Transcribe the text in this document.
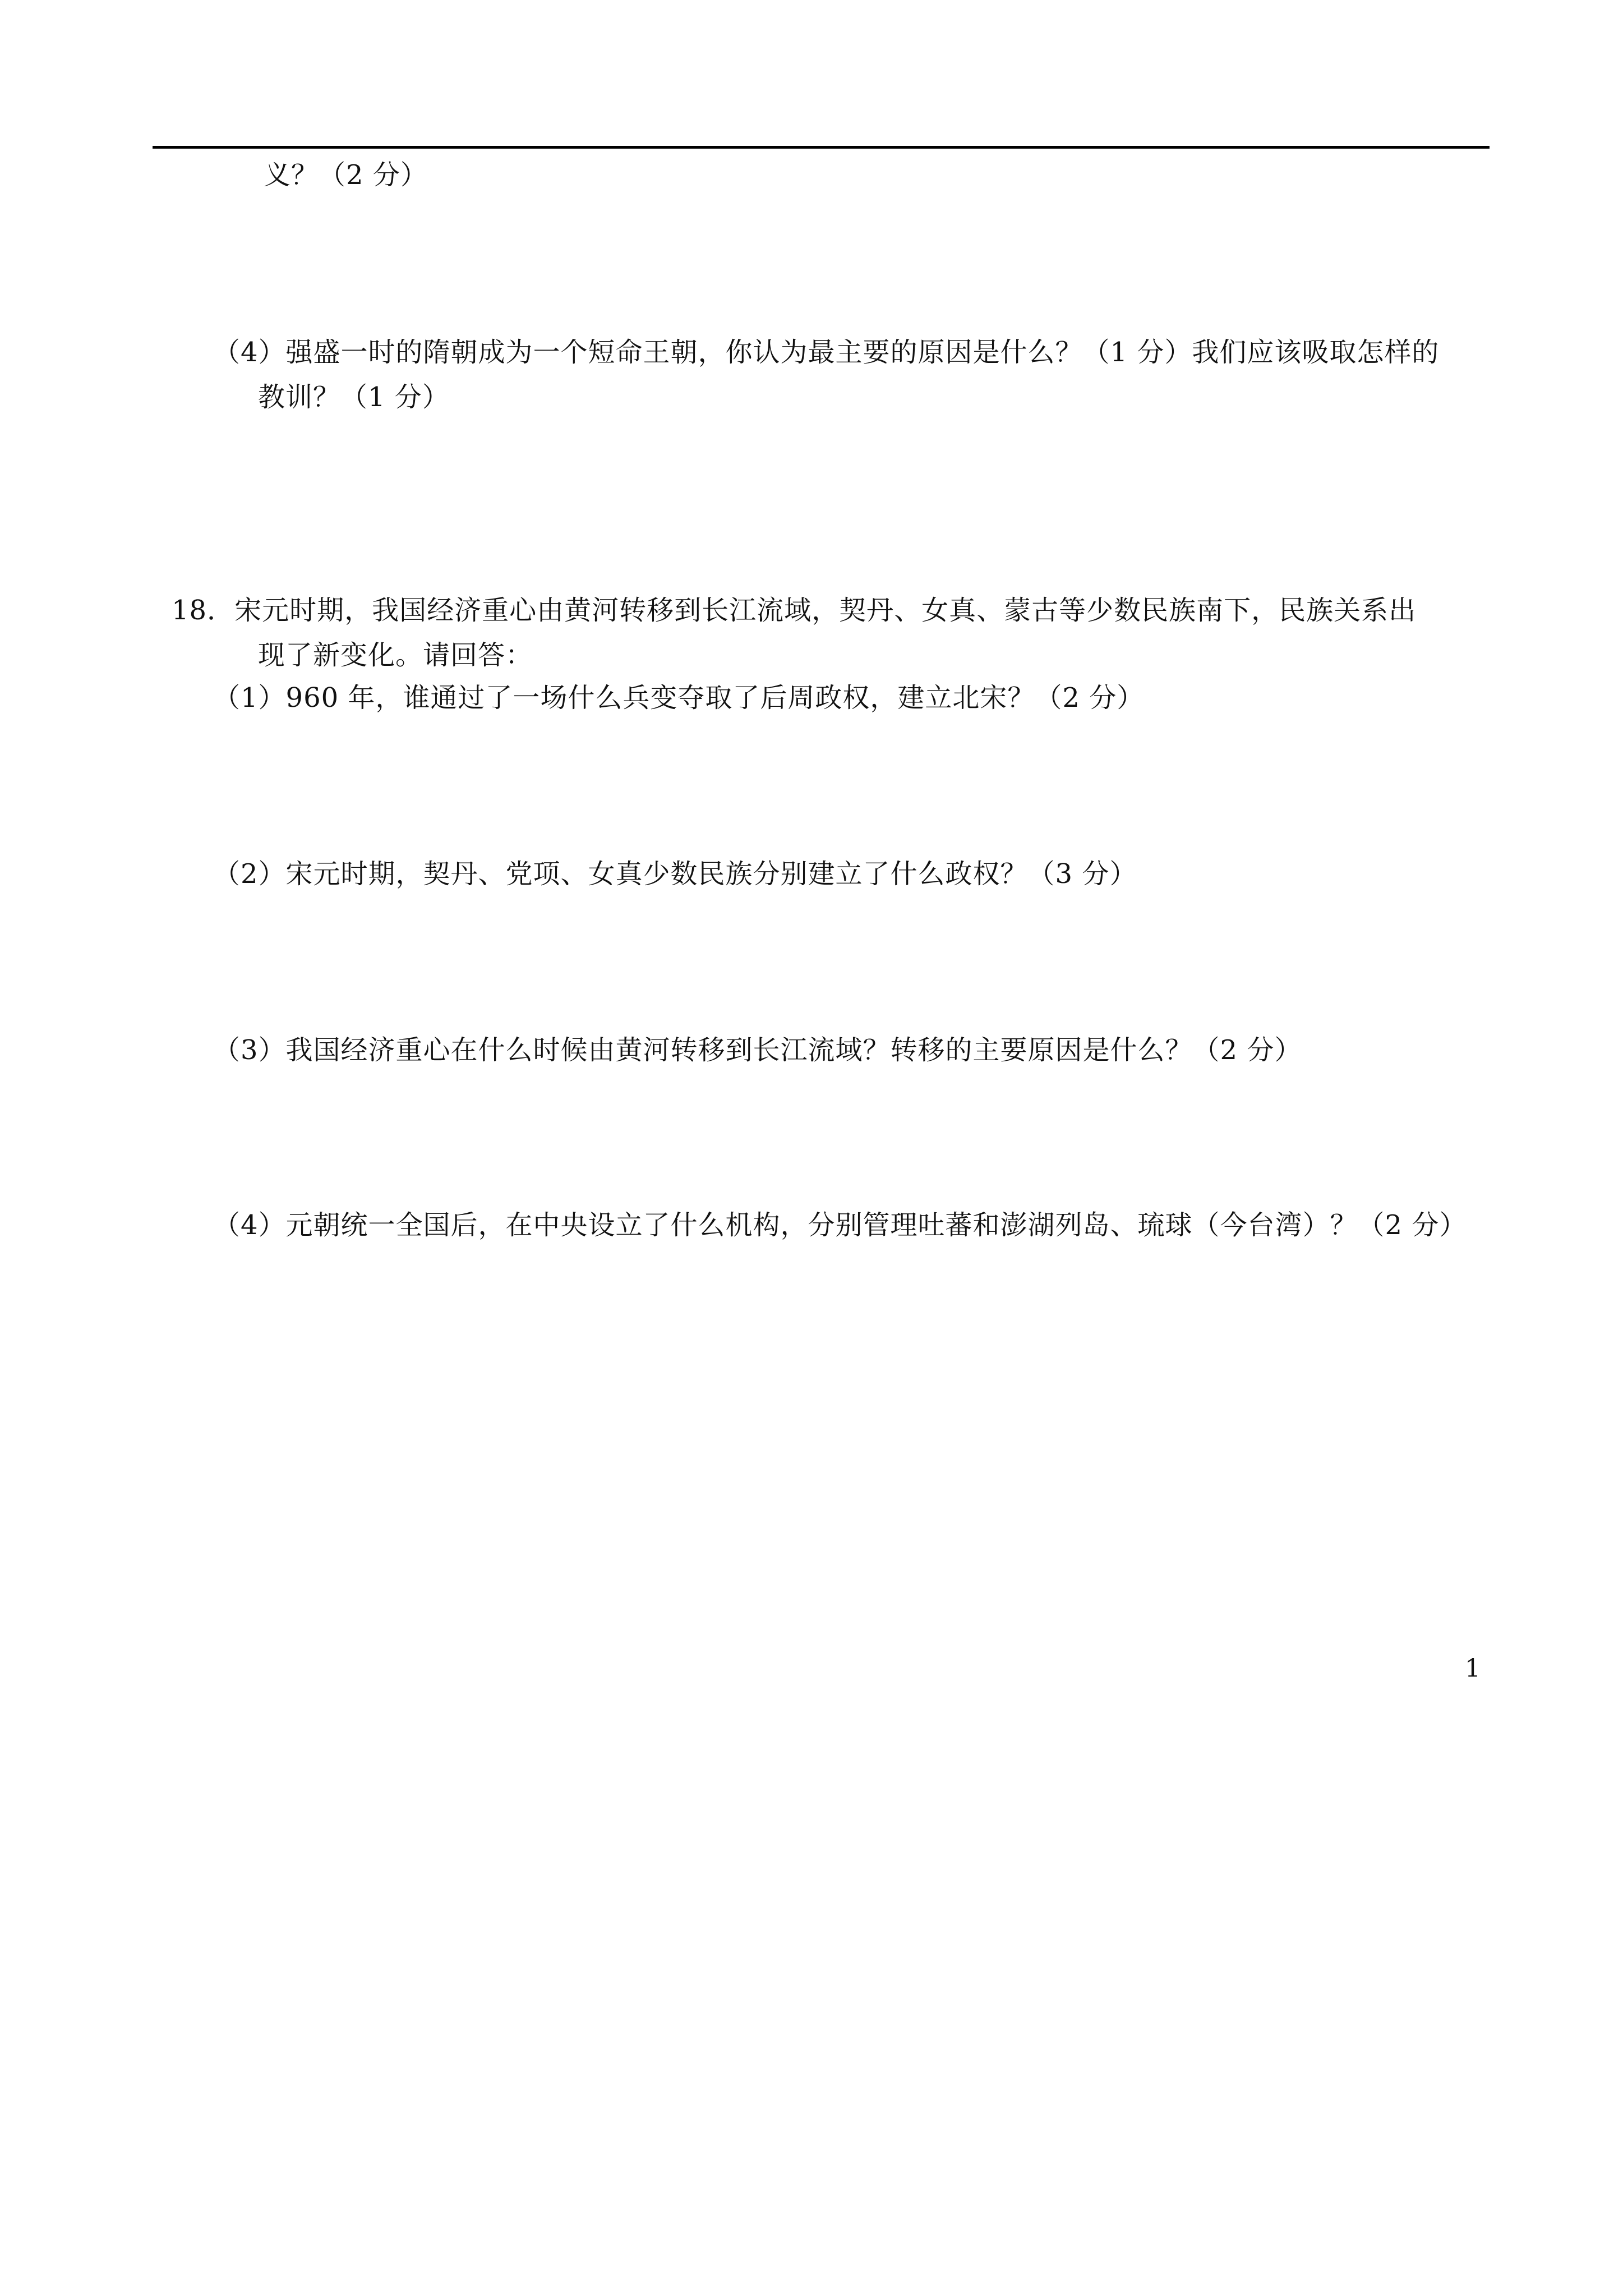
义？（2 分）
（4）强盛一时的隋朝成为一个短命王朝，你认为最主要的原因是什么？（1 分）我们应该吸取怎样的
教训？（1 分）
18．宋元时期，我国经济重心由黄河转移到长江流域，契丹、女真、蒙古等少数民族南下，民族关系出
现了新变化。请回答：
（1）960 年，谁通过了一场什么兵变夺取了后周政权，建立北宋？（2 分）
（2）宋元时期，契丹、党项、女真少数民族分别建立了什么政权？（3 分）
（3）我国经济重心在什么时候由黄河转移到长江流域？转移的主要原因是什么？（2 分）
（4）元朝统一全国后，在中央设立了什么机构，分别管理吐蕃和澎湖列岛、琉球（今台湾）？（2 分）
1
